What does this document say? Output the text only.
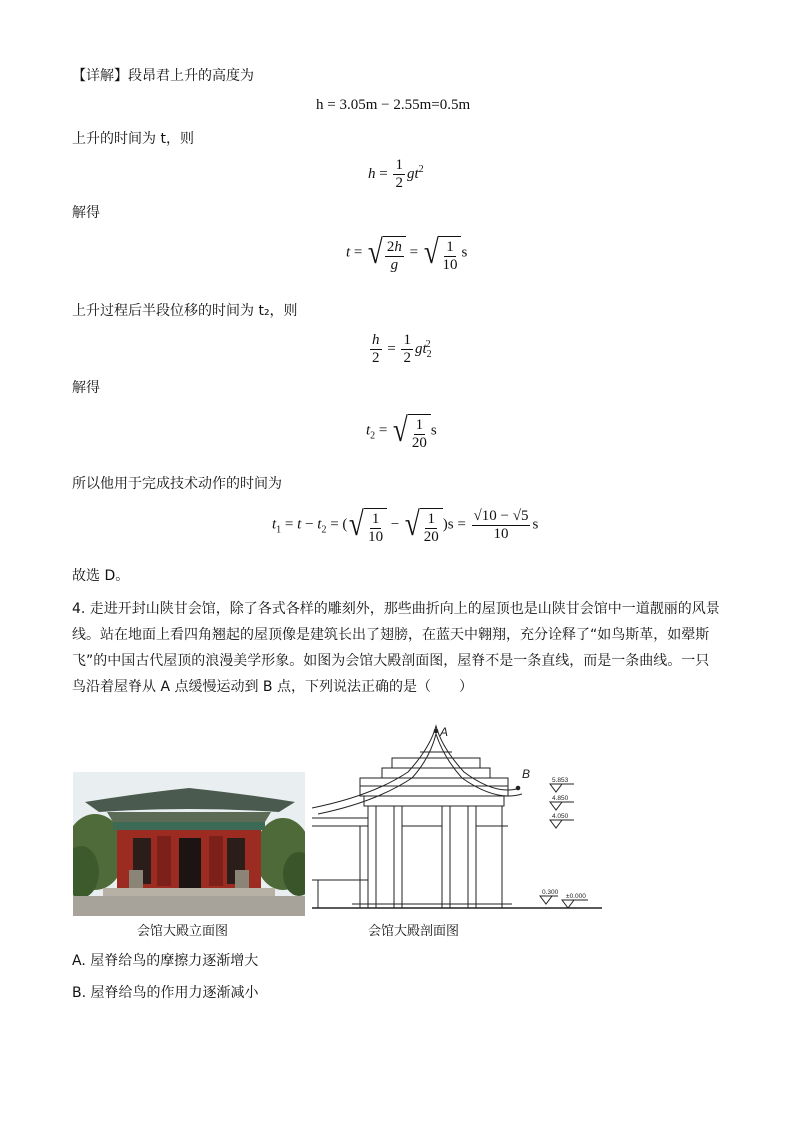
【详解】段昂君上升的高度为
h = 3.05m − 2.55m=0.5m
上升的时间为 t，则
$h = \frac{1}{2} gt^2$
解得
t = √ $\frac{2h}{g}$ = √ $\frac{1}{10}$ s
上升过程后半段位移的时间为 t₂，则
$\frac{h}{2} = \frac{1}{2} gt_2^2$
解得
$t_2$ = √ $\frac{1}{20}$ s
所以他用于完成技术动作的时间为
$t_1 = t - t_2$ = ( √ $\frac{1}{10}$ − √ $\frac{1}{20} )s = \frac{√10 - √5}{10}$ s
故选 D。
4. 走进开封山陕甘会馆，除了各式各样的雕刻外，那些曲折向上的屋顶也是山陕甘会馆中一道靓丽的风景
线。站在地面上看四角翘起的屋顶像是建筑长出了翅膀，在蓝天中翱翔，充分诠释了“如鸟斯革，如翚斯
飞”的中国古代屋顶的浪漫美学形象。如图为会馆大殿剖面图，屋脊不是一条直线，而是一条曲线。一只
鸟沿着屋脊从 A 点缓慢运动到 B 点，下列说法正确的是（　　）
A
B	5.853
4.850
4.050
0.300
±0.000
会馆大殿立面图	会馆大殿剖面图
A. 屋脊给鸟的摩擦力逐渐增大
B. 屋脊给鸟的作用力逐渐减小
